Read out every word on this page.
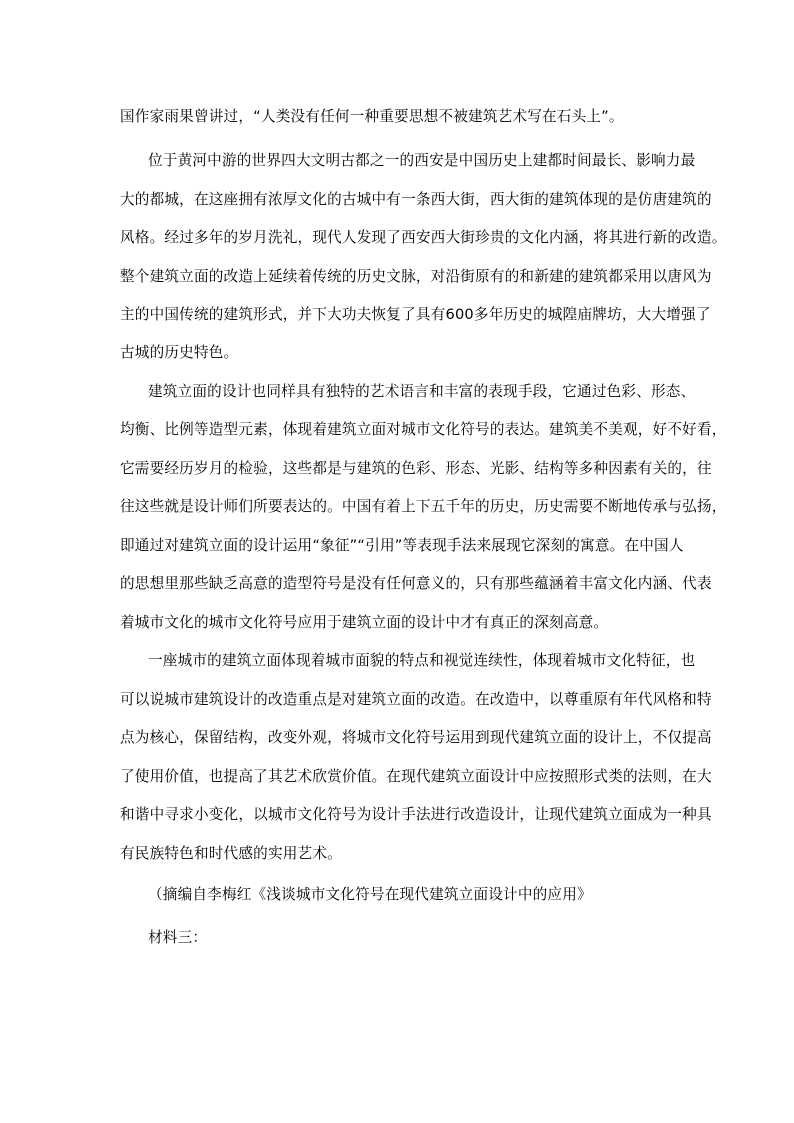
国作家雨果曾讲过，“人类没有任何一种重要思想不被建筑艺术写在石头上”。
位于黄河中游的世界四大文明古都之一的西安是中国历史上建都时间最长、影响力最
大的都城，在这座拥有浓厚文化的古城中有一条西大街，西大街的建筑体现的是仿唐建筑的
风格。经过多年的岁月洗礼，现代人发现了西安西大街珍贵的文化内涵，将其进行新的改造。
整个建筑立面的改造上延续着传统的历史文脉，对沿街原有的和新建的建筑都采用以唐风为
主的中国传统的建筑形式，并下大功夫恢复了具有600多年历史的城隍庙牌坊，大大增强了
古城的历史特色。
建筑立面的设计也同样具有独特的艺术语言和丰富的表现手段，它通过色彩、形态、
均衡、比例等造型元素，体现着建筑立面对城市文化符号的表达。建筑美不美观，好不好看，
它需要经历岁月的检验，这些都是与建筑的色彩、形态、光影、结构等多种因素有关的，往
往这些就是设计师们所要表达的。中国有着上下五千年的历史，历史需要不断地传承与弘扬，
即通过对建筑立面的设计运用“象征”“引用”等表现手法来展现它深刻的寓意。在中国人
的思想里那些缺乏高意的造型符号是没有任何意义的，只有那些蕴涵着丰富文化内涵、代表
着城市文化的城市文化符号应用于建筑立面的设计中才有真正的深刻高意。
一座城市的建筑立面体现着城市面貌的特点和视觉连续性，体现着城市文化特征，也
可以说城市建筑设计的改造重点是对建筑立面的改造。在改造中，以尊重原有年代风格和特
点为核心，保留结构，改变外观，将城市文化符号运用到现代建筑立面的设计上，不仅提高
了使用价值，也提高了其艺术欣赏价值。在现代建筑立面设计中应按照形式类的法则，在大
和谐中寻求小变化，以城市文化符号为设计手法进行改造设计，让现代建筑立面成为一种具
有民族特色和时代感的实用艺术。
（摘编自李梅红《浅谈城市文化符号在现代建筑立面设计中的应用》
材料三：
